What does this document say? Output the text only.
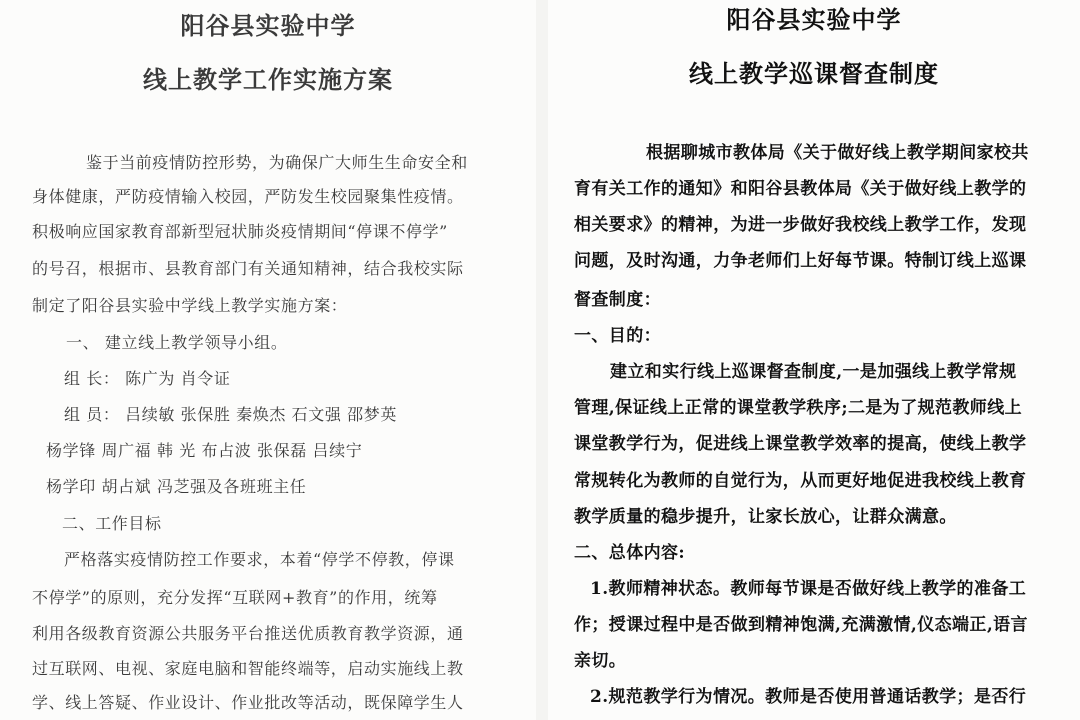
阳谷县实验中学
线上教学工作实施方案
鉴于当前疫情防控形势，为确保广大师生生命安全和
身体健康，严防疫情输入校园，严防发生校园聚集性疫情。
积极响应国家教育部新型冠状肺炎疫情期间“停课不停学”
的号召，根据市、县教育部门有关通知精神，结合我校实际
制定了阳谷县实验中学线上教学实施方案：
一、 建立线上教学领导小组。
组 长： 陈广为 肖令证
组 员： 吕续敏 张保胜 秦焕杰 石文强 邵梦英
杨学锋 周广福 韩 光 布占波 张保磊 吕续宁
杨学印 胡占斌 冯芝强及各班班主任
二、工作目标
严格落实疫情防控工作要求，本着“停学不停教，停课
不停学”的原则，充分发挥“互联网+教育”的作用，统筹
利用各级教育资源公共服务平台推送优质教育教学资源，通
过互联网、电视、家庭电脑和智能终端等，启动实施线上教
学、线上答疑、作业设计、作业批改等活动，既保障学生人
阳谷县实验中学
线上教学巡课督查制度
根据聊城市教体局《关于做好线上教学期间家校共
育有关工作的通知》和阳谷县教体局《关于做好线上教学的
相关要求》的精神，为进一步做好我校线上教学工作，发现
问题，及时沟通，力争老师们上好每节课。特制订线上巡课
督查制度：
一、目的：
建立和实行线上巡课督查制度,一是加强线上教学常规
管理,保证线上正常的课堂教学秩序;二是为了规范教师线上
课堂教学行为，促进线上课堂教学效率的提高，使线上教学
常规转化为教师的自觉行为，从而更好地促进我校线上教育
教学质量的稳步提升，让家长放心，让群众满意。
二、总体内容:
1.教师精神状态。教师每节课是否做好线上教学的准备工
作；授课过程中是否做到精神饱满,充满激情,仪态端正,语言
亲切。
2.规范教学行为情况。教师是否使用普通话教学；是否行
